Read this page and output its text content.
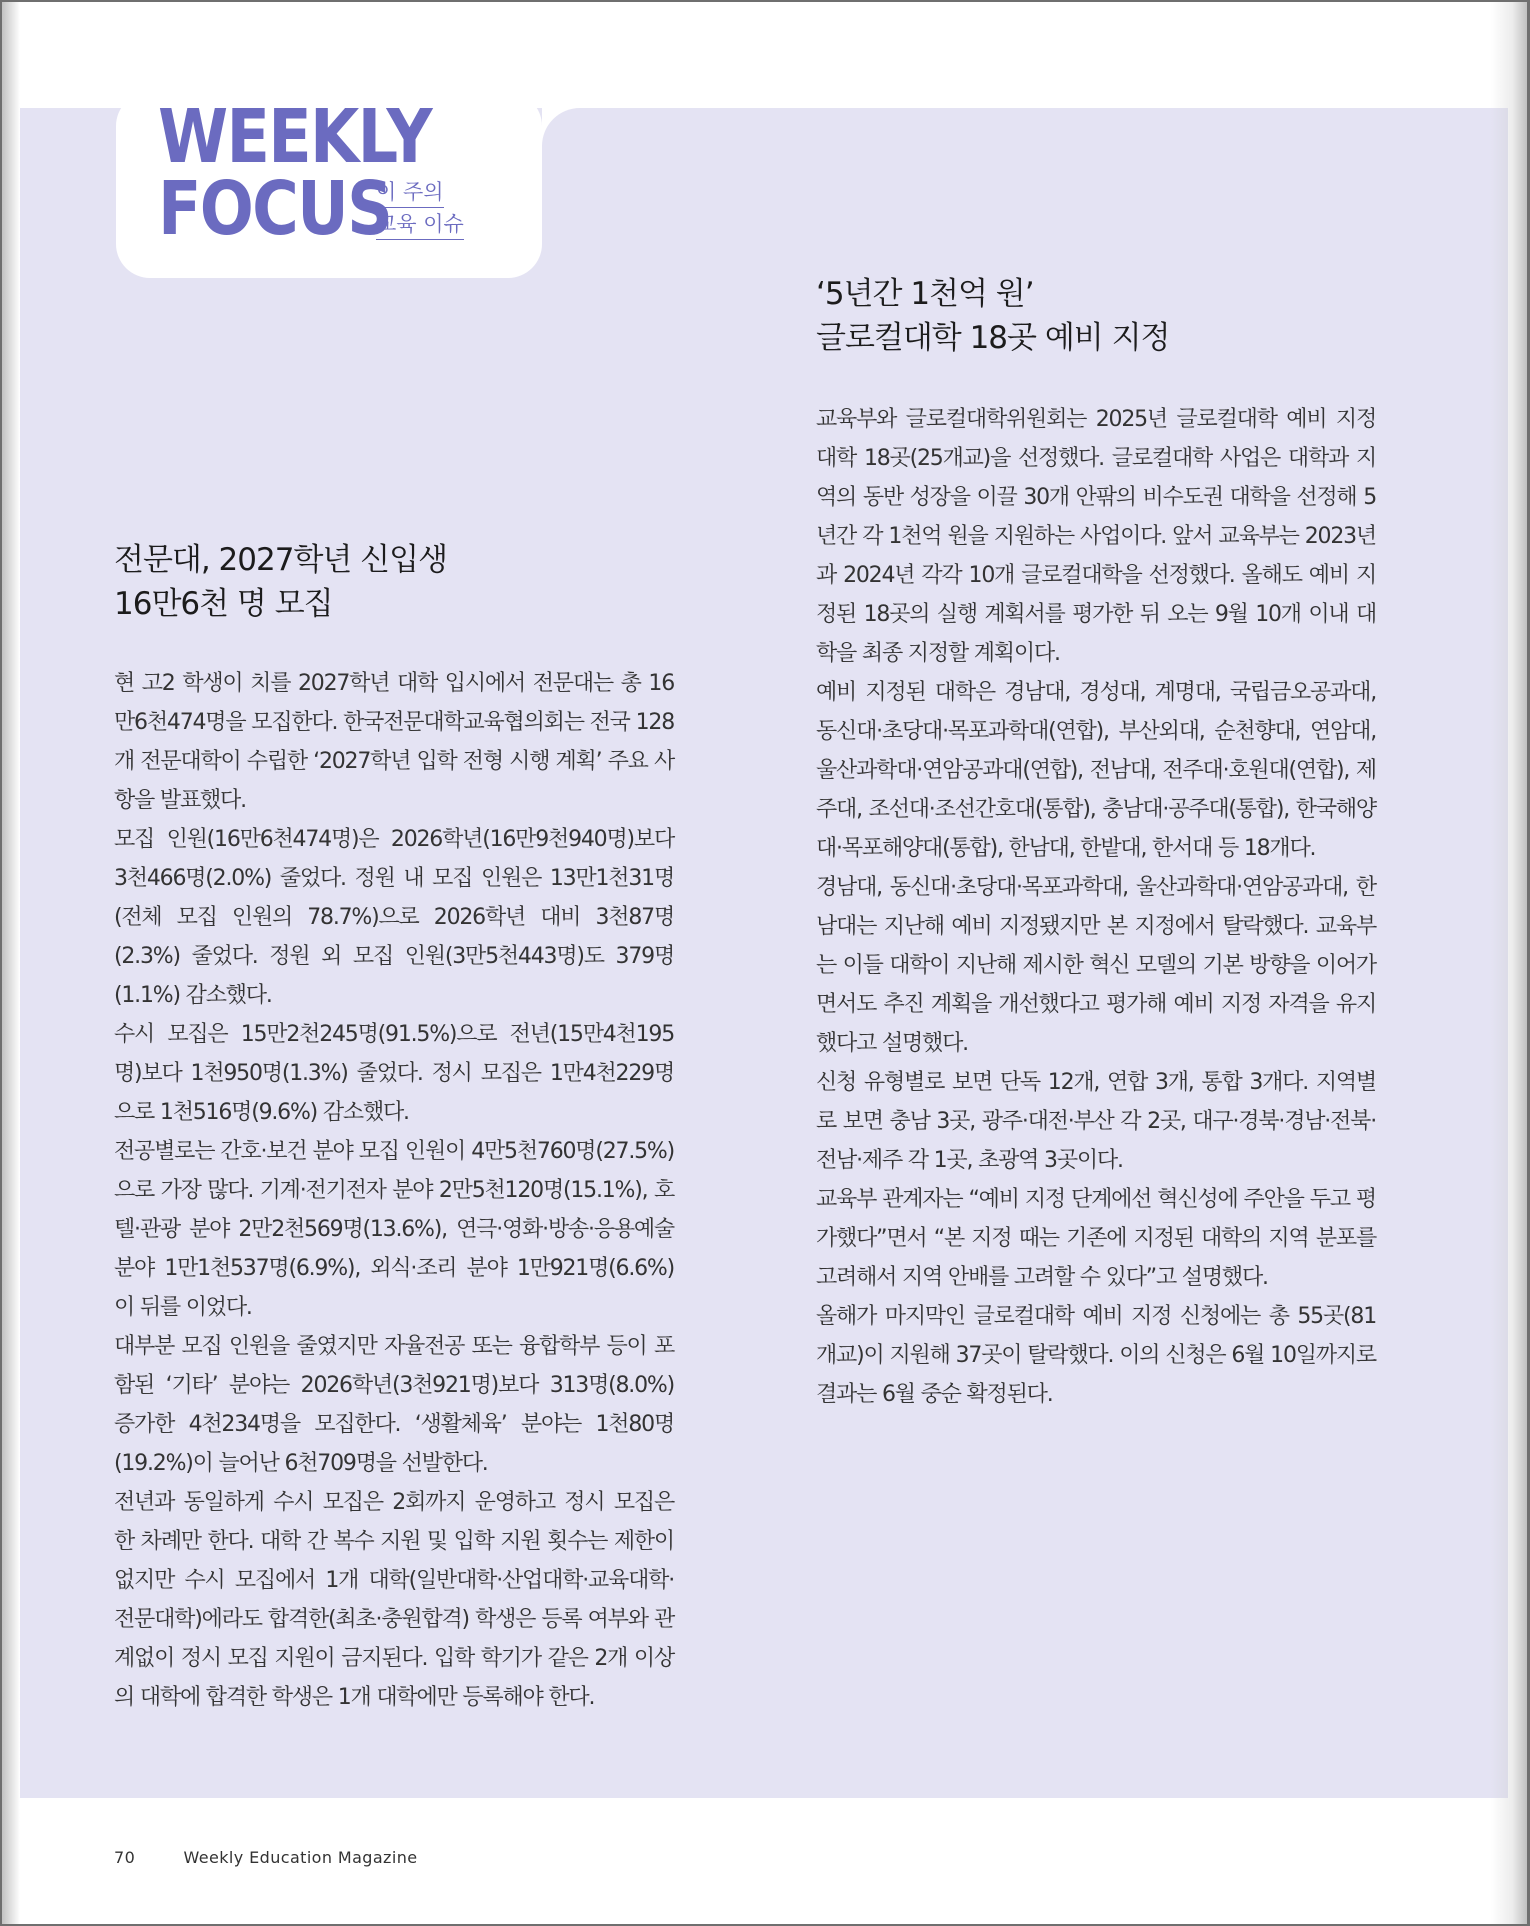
WEEKLY
FOCUS
이 주의
교육 이슈
전문대, 2027학년 신입생
16만6천 명 모집

현 고2 학생이 치를 2027학년 대학 입시에서 전문대는 총 16만6천474명을 모집한다. 한국전문대학교육협의회는 전국 128개 전문대학이 수립한 ‘2027학년 입학 전형 시행 계획’ 주요 사항을 발표했다.

모집 인원(16만6천474명)은 2026학년(16만9천940명)보다 3천466명(2.0%) 줄었다. 정원 내 모집 인원은 13만1천31명(전체 모집 인원의 78.7%)으로 2026학년 대비 3천87명(2.3%) 줄었다. 정원 외 모집 인원(3만5천443명)도 379명(1.1%) 감소했다.

수시 모집은 15만2천245명(91.5%)으로 전년(15만4천195명)보다 1천950명(1.3%) 줄었다. 정시 모집은 1만4천229명으로 1천516명(9.6%) 감소했다.

전공별로는 간호·보건 분야 모집 인원이 4만5천760명(27.5%)으로 가장 많다. 기계·전기전자 분야 2만5천120명(15.1%), 호텔·관광 분야 2만2천569명(13.6%), 연극·영화·방송·응용예술 분야 1만1천537명(6.9%), 외식·조리 분야 1만921명(6.6%)이 뒤를 이었다.

대부분 모집 인원을 줄였지만 자율전공 또는 융합학부 등이 포함된 ‘기타’ 분야는 2026학년(3천921명)보다 313명(8.0%) 증가한 4천234명을 모집한다. ‘생활체육’ 분야는 1천80명(19.2%)이 늘어난 6천709명을 선발한다.

전년과 동일하게 수시 모집은 2회까지 운영하고 정시 모집은 한 차례만 한다. 대학 간 복수 지원 및 입학 지원 횟수는 제한이 없지만 수시 모집에서 1개 대학(일반대학·산업대학·교육대학·전문대학)에라도 합격한(최초·충원합격) 학생은 등록 여부와 관계없이 정시 모집 지원이 금지된다. 입학 학기가 같은 2개 이상의 대학에 합격한 학생은 1개 대학에만 등록해야 한다.

‘5년간 1천억 원’
글로컬대학 18곳 예비 지정

교육부와 글로컬대학위원회는 2025년 글로컬대학 예비 지정 대학 18곳(25개교)을 선정했다. 글로컬대학 사업은 대학과 지역의 동반 성장을 이끌 30개 안팎의 비수도권 대학을 선정해 5년간 각 1천억 원을 지원하는 사업이다. 앞서 교육부는 2023년과 2024년 각각 10개 글로컬대학을 선정했다. 올해도 예비 지정된 18곳의 실행 계획서를 평가한 뒤 오는 9월 10개 이내 대학을 최종 지정할 계획이다.

예비 지정된 대학은 경남대, 경성대, 계명대, 국립금오공과대, 동신대·초당대·목포과학대(연합), 부산외대, 순천향대, 연암대, 울산과학대·연암공과대(연합), 전남대, 전주대·호원대(연합), 제주대, 조선대·조선간호대(통합), 충남대·공주대(통합), 한국해양대·목포해양대(통합), 한남대, 한밭대, 한서대 등 18개다.

경남대, 동신대·초당대·목포과학대, 울산과학대·연암공과대, 한남대는 지난해 예비 지정됐지만 본 지정에서 탈락했다. 교육부는 이들 대학이 지난해 제시한 혁신 모델의 기본 방향을 이어가면서도 추진 계획을 개선했다고 평가해 예비 지정 자격을 유지했다고 설명했다.

신청 유형별로 보면 단독 12개, 연합 3개, 통합 3개다. 지역별로 보면 충남 3곳, 광주·대전·부산 각 2곳, 대구·경북·경남·전북·전남·제주 각 1곳, 초광역 3곳이다.

교육부 관계자는 “예비 지정 단계에선 혁신성에 주안을 두고 평가했다”면서 “본 지정 때는 기존에 지정된 대학의 지역 분포를 고려해서 지역 안배를 고려할 수 있다”고 설명했다.

올해가 마지막인 글로컬대학 예비 지정 신청에는 총 55곳(81개교)이 지원해 37곳이 탈락했다. 이의 신청은 6월 10일까지로 결과는 6월 중순 확정된다.

70	Weekly Education Magazine
